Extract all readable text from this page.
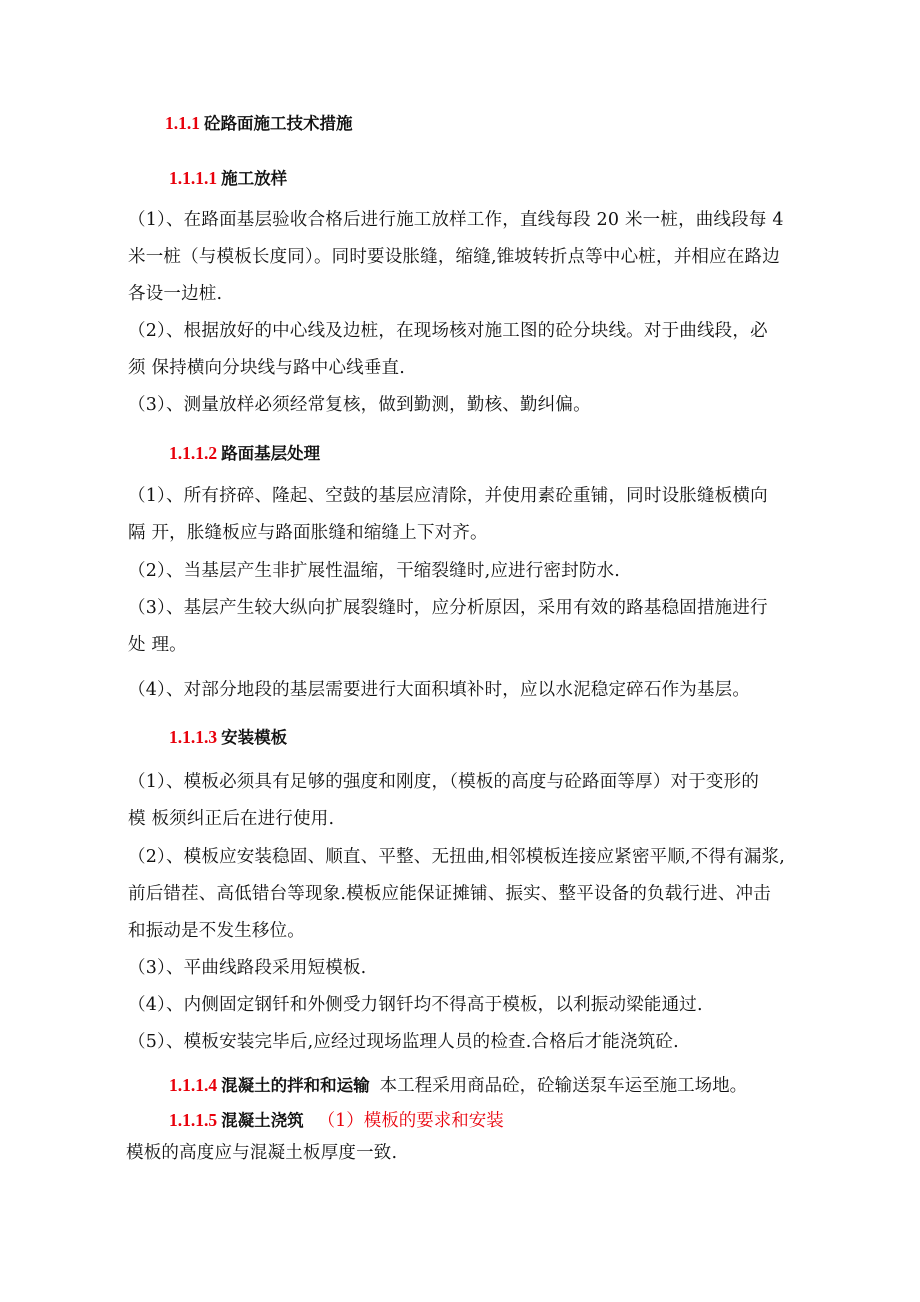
1.1.1 砼路面施工技术措施
1.1.1.1 施工放样
（1）、在路面基层验收合格后进行施工放样工作，直线每段 20 米一桩，曲线段每 4
米一桩（与模板长度同）。同时要设胀缝，缩缝,锥坡转折点等中心桩，并相应在路边
各设一边桩.
（2）、根据放好的中心线及边桩，在现场核对施工图的砼分块线。对于曲线段，必
须 保持横向分块线与路中心线垂直.
（3）、测量放样必须经常复核，做到勤测，勤核、勤纠偏。
1.1.1.2 路面基层处理
（1）、所有挤碎、隆起、空鼓的基层应清除，并使用素砼重铺，同时设胀缝板横向
隔 开，胀缝板应与路面胀缝和缩缝上下对齐。
（2）、当基层产生非扩展性温缩，干缩裂缝时,应进行密封防水.
（3）、基层产生较大纵向扩展裂缝时，应分析原因，采用有效的路基稳固措施进行
处 理。
（4）、对部分地段的基层需要进行大面积填补时，应以水泥稳定碎石作为基层。
1.1.1.3 安装模板
（1）、模板必须具有足够的强度和刚度，（模板的高度与砼路面等厚）对于变形的
模 板须纠正后在进行使用.
（2）、模板应安装稳固、顺直、平整、无扭曲,相邻模板连接应紧密平顺,不得有漏浆,
前后错茬、高低错台等现象.模板应能保证摊铺、振实、整平设备的负载行进、冲击
和振动是不发生移位。
（3）、平曲线路段采用短模板.
（4）、内侧固定钢钎和外侧受力钢钎均不得高于模板，以利振动梁能通过.
（5）、模板安装完毕后,应经过现场监理人员的检查.合格后才能浇筑砼.
1.1.1.4 混凝土的拌和和运输 本工程采用商品砼，砼输送泵车运至施工场地。
1.1.1.5 混凝土浇筑 （1）模板的要求和安装
模板的高度应与混凝土板厚度一致.
